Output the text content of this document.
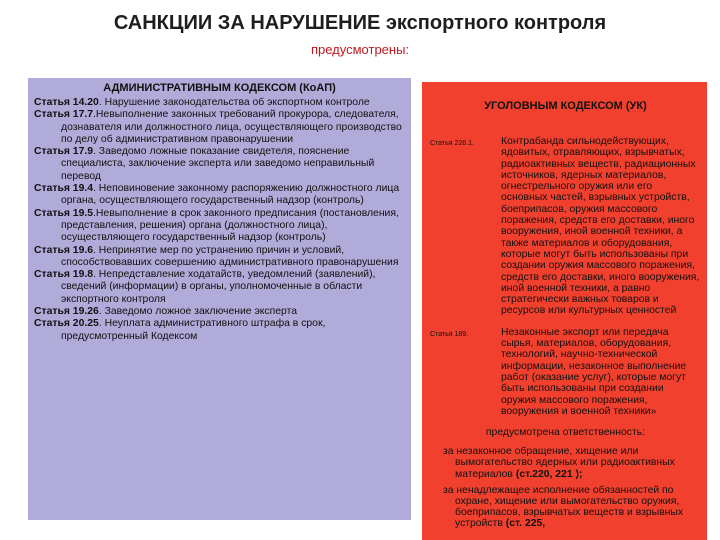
САНКЦИИ ЗА НАРУШЕНИЕ экспортного контроля
предусмотрены:
АДМИНИСТРАТИВНЫМ КОДЕКСОМ (КоАП)

Статья 14.20. Нарушение законодательства об экспортном контроле

Статья 17.7.Невыполнение законных требований прокурора, следователя, дознавателя или должностного лица, осуществляющего производство по делу об административном правонарушении

Статья 17.9. Заведомо ложные показание свидетеля, пояснение специалиста, заключение эксперта или заведомо неправильный перевод

Статья 19.4. Неповиновение законному распоряжению должностного лица органа, осуществляющего государственный надзор (контроль)

Статья 19.5.Невыполнение в срок законного предписания (постановления, представления, решения) органа (должностного лица), осуществляющего государственный надзор (контроль)

Статья 19.6. Непринятие мер по устранению причин и условий, способствовавших совершению административного правонарушения

Статья 19.8. Непредставление ходатайств, уведомлений (заявлений), сведений (информации) в органы, уполномоченные в области экспортного контроля

Статья 19.26. Заведомо ложное заключение эксперта

Статья 20.25. Неуплата административного штрафа в срок, предусмотренный Кодексом

УГОЛОВНЫМ КОДЕКСОМ (УК)
Статья 226.1.	Контрабанда сильнодействующих, ядовитых, отравляющих, взрывчатых, радиоактивных веществ, радиационных источников, ядерных материалов, огнестрельного оружия или его основных частей, взрывных устройств, боеприпасов, оружия массового поражения, средств его доставки, иного вооружения, иной военной техники, а также материалов и оборудования, которые могут быть использованы при создании оружия массового поражения, средств его доставки, иного вооружения, иной военной техники, а равно стратегически важных товаров и ресурсов или культурных ценностей
Статья 189.	Незаконные экспорт или передача сырья, материалов, оборудования, технологий, научно-технической информации, незаконное выполнение работ (оказание услуг), которые могут быть использованы при создании оружия массового поражения, вооружения и военной техники»
предусмотрена ответственность:

за незаконное обращение, хищение или вымогательство ядерных или радиоактивных материалов (ст.220, 221 );

за ненадлежащее исполнение обязанностей по охране, хищение или вымогательство оружия, боеприпасов, взрывчатых веществ и взрывных устройств (ст. 225,
